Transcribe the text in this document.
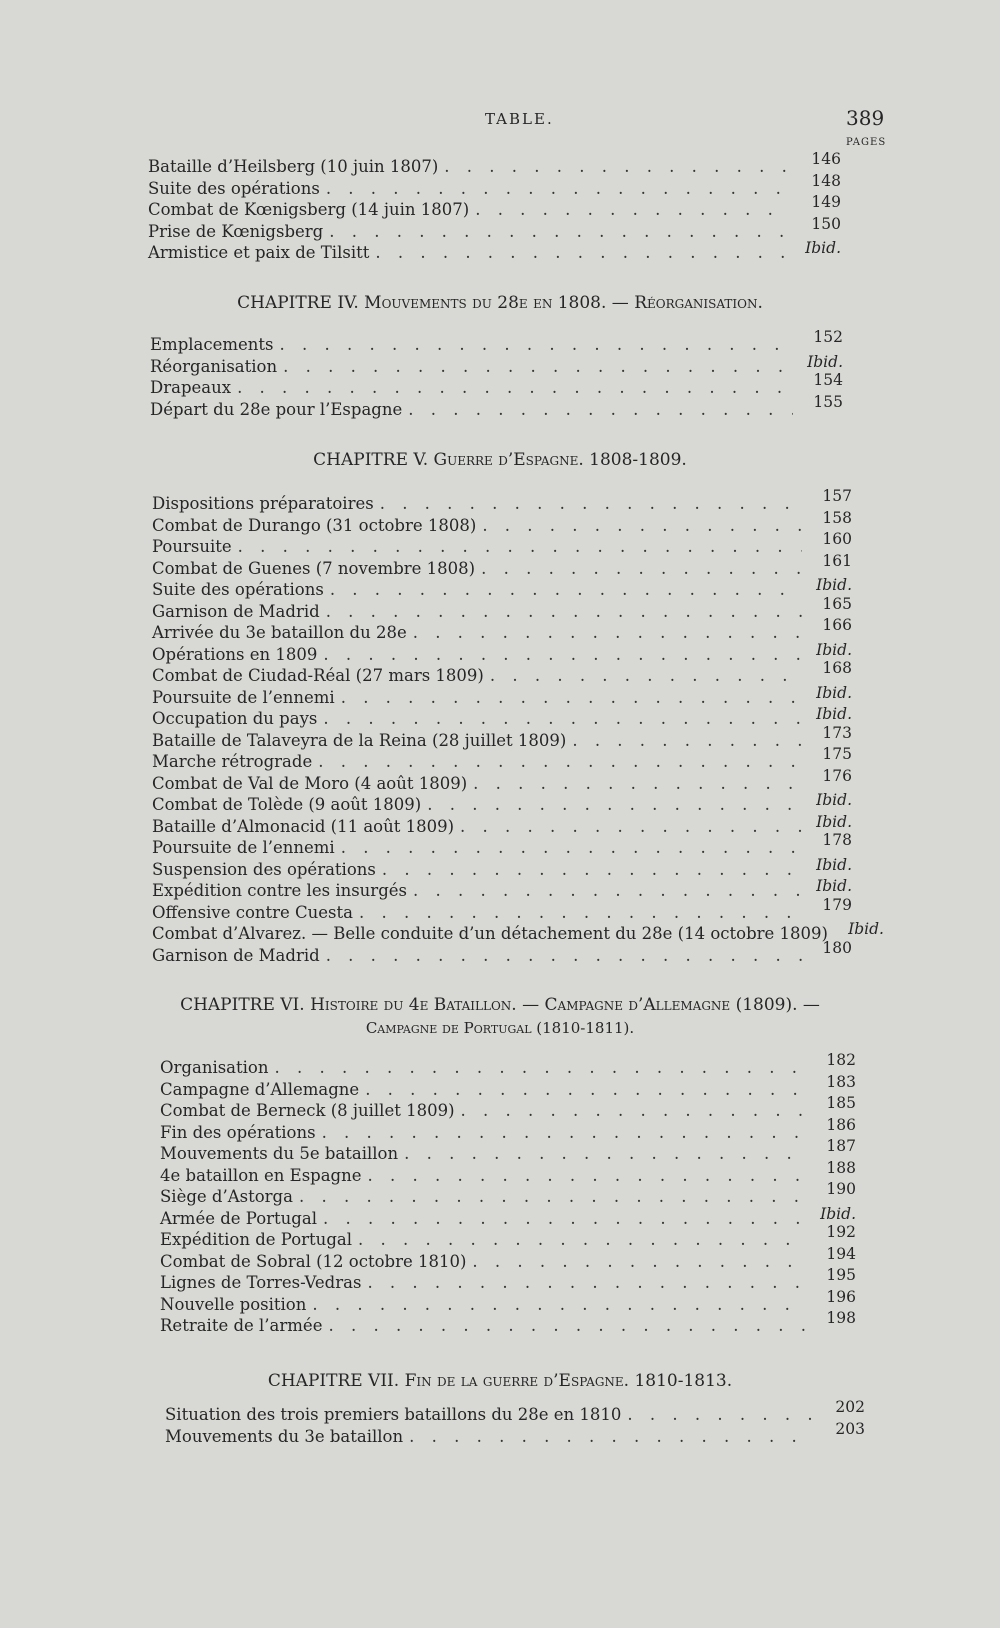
TABLE.	389
PAGES
Bataille d’Heilsberg (10 juin 1807) . . .	146
Suite des opérations . . .	148
Combat de Kœnigsberg (14 juin 1807) . . .	149
Prise de Kœnigsberg . . .	150
Armistice et paix de Tilsitt . . .	Ibid.
CHAPITRE IV. Mouvements du 28e en 1808. — Réorganisation.
Emplacements . . .	152
Réorganisation . . .	Ibid.
Drapeaux . . .	154
Départ du 28e pour l’Espagne . . .	155
CHAPITRE V. Guerre d’Espagne. 1808-1809.
Dispositions préparatoires . . .	157
Combat de Durango (31 octobre 1808) . . .	158
Poursuite . . .	160
Combat de Guenes (7 novembre 1808) . . .	161
Suite des opérations . . .	Ibid.
Garnison de Madrid . . .	165
Arrivée du 3e bataillon du 28e . . .	166
Opérations en 1809 . . .	Ibid.
Combat de Ciudad-Réal (27 mars 1809) . . .	168
Poursuite de l’ennemi . . .	Ibid.
Occupation du pays . . .	Ibid.
Bataille de Talaveyra de la Reina (28 juillet 1809) . . .	173
Marche rétrograde . . .	175
Combat de Val de Moro (4 août 1809) . . .	176
Combat de Tolède (9 août 1809) . . .	Ibid.
Bataille d’Almonacid (11 août 1809) . . .	Ibid.
Poursuite de l’ennemi . . .	178
Suspension des opérations . . .	Ibid.
Expédition contre les insurgés . . .	Ibid.
Offensive contre Cuesta . . .	179
Combat d’Alvarez. — Belle conduite d’un détachement du 28e (14 octobre 1809)	Ibid.
Garnison de Madrid . . .	180
CHAPITRE VI. Histoire du 4e Bataillon. — Campagne d’Allemagne (1809). —
Campagne de Portugal (1810-1811).
Organisation . . .	182
Campagne d’Allemagne . . .	183
Combat de Berneck (8 juillet 1809) . . .	185
Fin des opérations . . .	186
Mouvements du 5e bataillon . . .	187
4e bataillon en Espagne . . .	188
Siège d’Astorga . . .	190
Armée de Portugal . . .	Ibid.
Expédition de Portugal . . .	192
Combat de Sobral (12 octobre 1810) . . .	194
Lignes de Torres-Vedras . . .	195
Nouvelle position . . .	196
Retraite de l’armée . . .	198
CHAPITRE VII. Fin de la guerre d’Espagne. 1810-1813.
Situation des trois premiers bataillons du 28e en 1810 . . .	202
Mouvements du 3e bataillon . . .	203
